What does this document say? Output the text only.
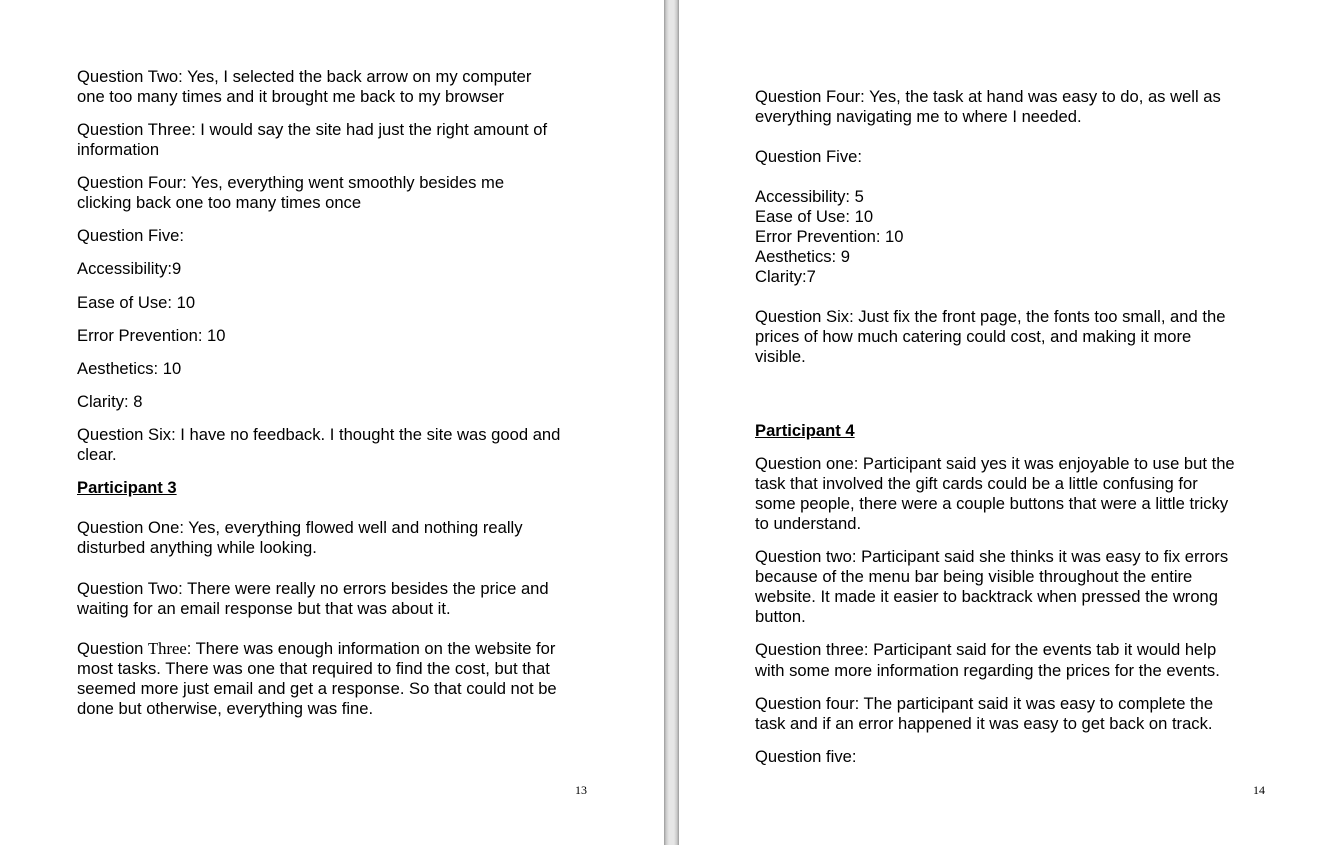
Question Two: Yes, I selected the back arrow on my computer

one too many times and it brought me back to my browser

Question Three: I would say the site had just the right amount of

information

Question Four: Yes, everything went smoothly besides me

clicking back one too many times once

Question Five:

Accessibility:9

Ease of Use: 10

Error Prevention: 10

Aesthetics: 10

Clarity: 8

Question Six: I have no feedback. I thought the site was good and

clear.

Participant 3

Question One: Yes, everything flowed well and nothing really

disturbed anything while looking.

Question Two: There were really no errors besides the price and

waiting for an email response but that was about it.

Question Three: There was enough information on the website for

most tasks. There was one that required to find the cost, but that

seemed more just email and get a response. So that could not be

done but otherwise, everything was fine.

13

Question Four: Yes, the task at hand was easy to do, as well as

everything navigating me to where I needed.

Question Five:

Accessibility: 5

Ease of Use: 10

Error Prevention: 10

Aesthetics: 9

Clarity:7

Question Six: Just fix the front page, the fonts too small, and the

prices of how much catering could cost, and making it more

visible.

Participant 4

Question one: Participant said yes it was enjoyable to use but the

task that involved the gift cards could be a little confusing for

some people, there were a couple buttons that were a little tricky

to understand.

Question two: Participant said she thinks it was easy to fix errors

because of the menu bar being visible throughout the entire

website. It made it easier to backtrack when pressed the wrong

button.

Question three: Participant said for the events tab it would help

with some more information regarding the prices for the events.

Question four: The participant said it was easy to complete the

task and if an error happened it was easy to get back on track.

Question five:

14
